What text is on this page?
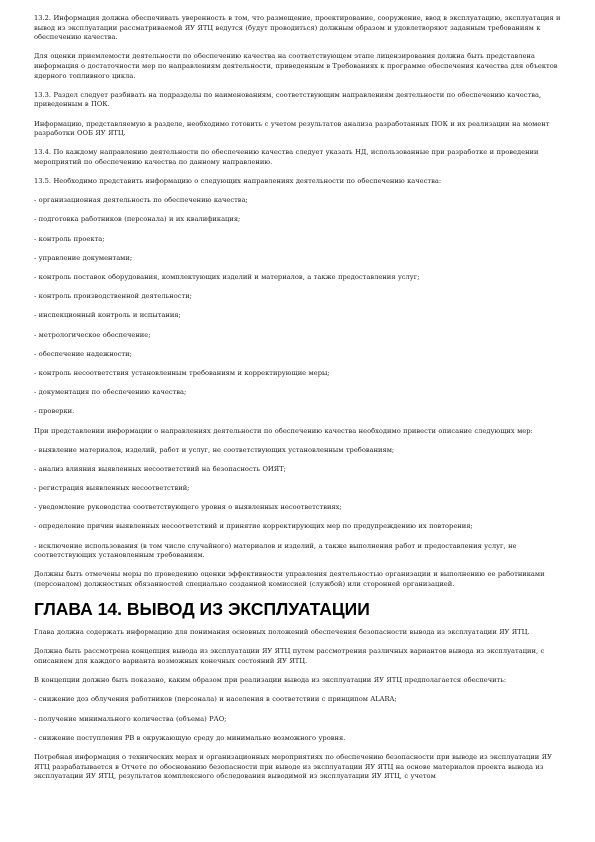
13.2. Информация должна обеспечивать уверенность в том, что размещение, проектирование, сооружение, ввод в эксплуатацию, эксплуатация и вывод из эксплуатации рассматриваемой ЯУ ЯТЦ ведутся (будут проводиться) должным образом и удовлетворяют заданным требованиям к обеспечению качества.

Для оценки приемлемости деятельности по обеспечению качества на соответствующем этапе лицензирования должна быть представлена информация о достаточности мер по направлениям деятельности, приведенным в Требованиях к программе обеспечения качества для объектов ядерного топливного цикла.

13.3. Раздел следует разбивать на подразделы по наименованиям, соответствующим направлениям деятельности по обеспечению качества, приведенным в ПОК.

Информацию, представляемую в разделе, необходимо готовить с учетом результатов анализа разработанных ПОК и их реализации на момент разработки ООБ ЯУ ЯТЦ.

13.4. По каждому направлению деятельности по обеспечению качества следует указать НД, использованные при разработке и проведении мероприятий по обеспечению качества по данному направлению.

13.5. Необходимо представить информацию о следующих направлениях деятельности по обеспечению качества:

- организационная деятельность по обеспечению качества;

- подготовка работников (персонала) и их квалификация;

- контроль проекта;

- управление документами;

- контроль поставок оборудования, комплектующих изделий и материалов, а также предоставления услуг;

- контроль производственной деятельности;

- инспекционный контроль и испытания;

- метрологическое обеспечение;

- обеспечение надежности;

- контроль несоответствия установленным требованиям и корректирующие меры;

- документация по обеспечению качества;

- проверки.

При представлении информации о направлениях деятельности по обеспечению качества необходимо привести описание следующих мер:

- выявление материалов, изделий, работ и услуг, не соответствующих установленным требованиям;

- анализ влияния выявленных несоответствий на безопасность ОИЯТ;

- регистрация выявленных несоответствий;

- уведомление руководства соответствующего уровня о выявленных несоответствиях;

- определение причин выявленных несоответствий и принятие корректирующих мер по предупреждению их повторения;

- исключение использования (в том числе случайного) материалов и изделий, а также выполнения работ и предоставления услуг, не соответствующих установленным требованиям.

Должны быть отмечены меры по проведению оценки эффективности управления деятельностью организации и выполнению ее работниками (персоналом) должностных обязанностей специально созданной комиссией (службой) или сторонней организацией.

ГЛАВА 14. ВЫВОД ИЗ ЭКСПЛУАТАЦИИ

Глава должна содержать информацию для понимания основных положений обеспечения безопасности вывода из эксплуатации ЯУ ЯТЦ.

Должна быть рассмотрена концепция вывода из эксплуатации ЯУ ЯТЦ путем рассмотрения различных вариантов вывода из эксплуатации, с описанием для каждого варианта возможных конечных состояний ЯУ ЯТЦ.

В концепции должно быть показано, каким образом при реализации вывода из эксплуатации ЯУ ЯТЦ предполагается обеспечить:

- снижение доз облучения работников (персонала) и населения в соответствии с принципом ALARA;

- получение минимального количества (объема) РАО;

- снижение поступления РВ в окружающую среду до минимально возможного уровня.

Потребная информация о технических мерах и организационных мероприятиях по обеспечению безопасности при выводе из эксплуатации ЯУ ЯТЦ разрабатывается в Отчете по обоснованию безопасности при выводе из эксплуатации ЯУ ЯТЦ на основе материалов проекта вывода из эксплуатации ЯУ ЯТЦ, результатов комплексного обследования выводимой из эксплуатации ЯУ ЯТЦ, с учетом
